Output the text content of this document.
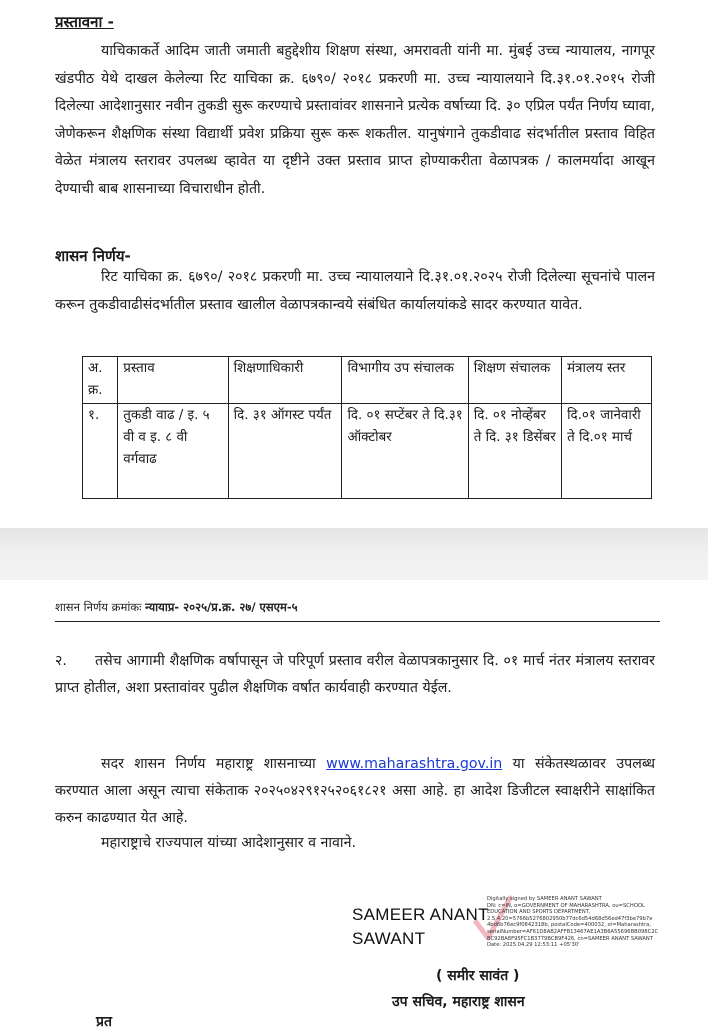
प्रस्तावना -

याचिकाकर्ते आदिम जाती जमाती बहुद्देशीय शिक्षण संस्था, अमरावती यांनी मा. मुंबई उच्च न्यायालय, नागपूर खंडपीठ येथे दाखल केलेल्या रिट याचिका क्र. ६७९०/ २०१८ प्रकरणी मा. उच्च न्यायालयाने दि.३१.०१.२०१५ रोजी दिलेल्या आदेशानुसार नवीन तुकडी सुरू करण्याचे प्रस्तावांवर शासनाने प्रत्येक वर्षाच्या दि. ३० एप्रिल पर्यंत निर्णय घ्यावा, जेणेकरून शैक्षणिक संस्था विद्यार्थी प्रवेश प्रक्रिया सुरू करू शकतील. यानुषंगाने तुकडीवाढ संदर्भातील प्रस्ताव विहित वेळेत मंत्रालय स्तरावर उपलब्ध व्हावेत या दृष्टीने उक्त प्रस्ताव प्राप्त होण्याकरीता वेळापत्रक / कालमर्यादा आखून देण्याची बाब शासनाच्या विचाराधीन होती.

शासन निर्णय-

रिट याचिका क्र. ६७९०/ २०१८ प्रकरणी मा. उच्च न्यायालयाने दि.३१.०१.२०२५ रोजी दिलेल्या सूचनांचे पालन करून तुकडीवाढीसंदर्भातील प्रस्ताव खालील वेळापत्रकान्वये संबंधित कार्यालयांकडे सादर करण्यात यावेत.

अ. क्र.	प्रस्ताव	शिक्षणाधिकारी	विभागीय उप संचालक	शिक्षण संचालक	मंत्रालय स्तर
१.	तुकडी वाढ / इ. ५ वी व इ. ८ वी वर्गवाढ	दि. ३१ ऑगस्ट पर्यंत	दि. ०१ सप्टेंबर ते दि.३१ ऑक्टोबर	दि. ०१ नोव्हेंबर ते दि. ३१ डिसेंबर	दि.०१ जानेवारी ते दि.०१ मार्च
शासन निर्णय क्रमांकः न्यायाप्र- २०२५/प्र.क्र. २७/ एसएम-५

२. तसेच आगामी शैक्षणिक वर्षापासून जे परिपूर्ण प्रस्ताव वरील वेळापत्रकानुसार दि. ०१ मार्च नंतर मंत्रालय स्तरावर प्राप्त होतील, अशा प्रस्तावांवर पुढील शैक्षणिक वर्षात कार्यवाही करण्यात येईल.

सदर शासन निर्णय महाराष्ट्र शासनाच्या www.maharashtra.gov.in या संकेतस्थळावर उपलब्ध करण्यात आला असून त्याचा संकेताक २०२५०४२९१२५२०६१८२१ असा आहे. हा आदेश डिजीटल स्वाक्षरीने साक्षांकित करुन काढण्यात येत आहे.

महाराष्ट्राचे राज्यपाल यांच्या आदेशानुसार व नावाने.

SAMEER ANANT
SAWANT
Digitally signed by SAMEER ANANT SAWANT
DN: c=IN, o=GOVERNMENT OF MAHARASHTRA, ou=SCHOOL
EDUCATION AND SPORTS DEPARTMENT,
2.5.4.20=5766b5276802950b77dc6d54d68d56ed47f3be79b7e
4bd6b76ec9f0842318b, postalCode=400032, st=Maharashtra,
serialNumber=AF61D8AB2AFFB13467AE1A3B6A55696BB098C2C
BC92BA8F95FC1B3779BCB9F426, cn=SAMEER ANANT SAWANT
Date: 2025.04.29 12:53:11 +05'30'
( समीर सावंत )
उप सचिव, महाराष्ट्र शासन
प्रत
